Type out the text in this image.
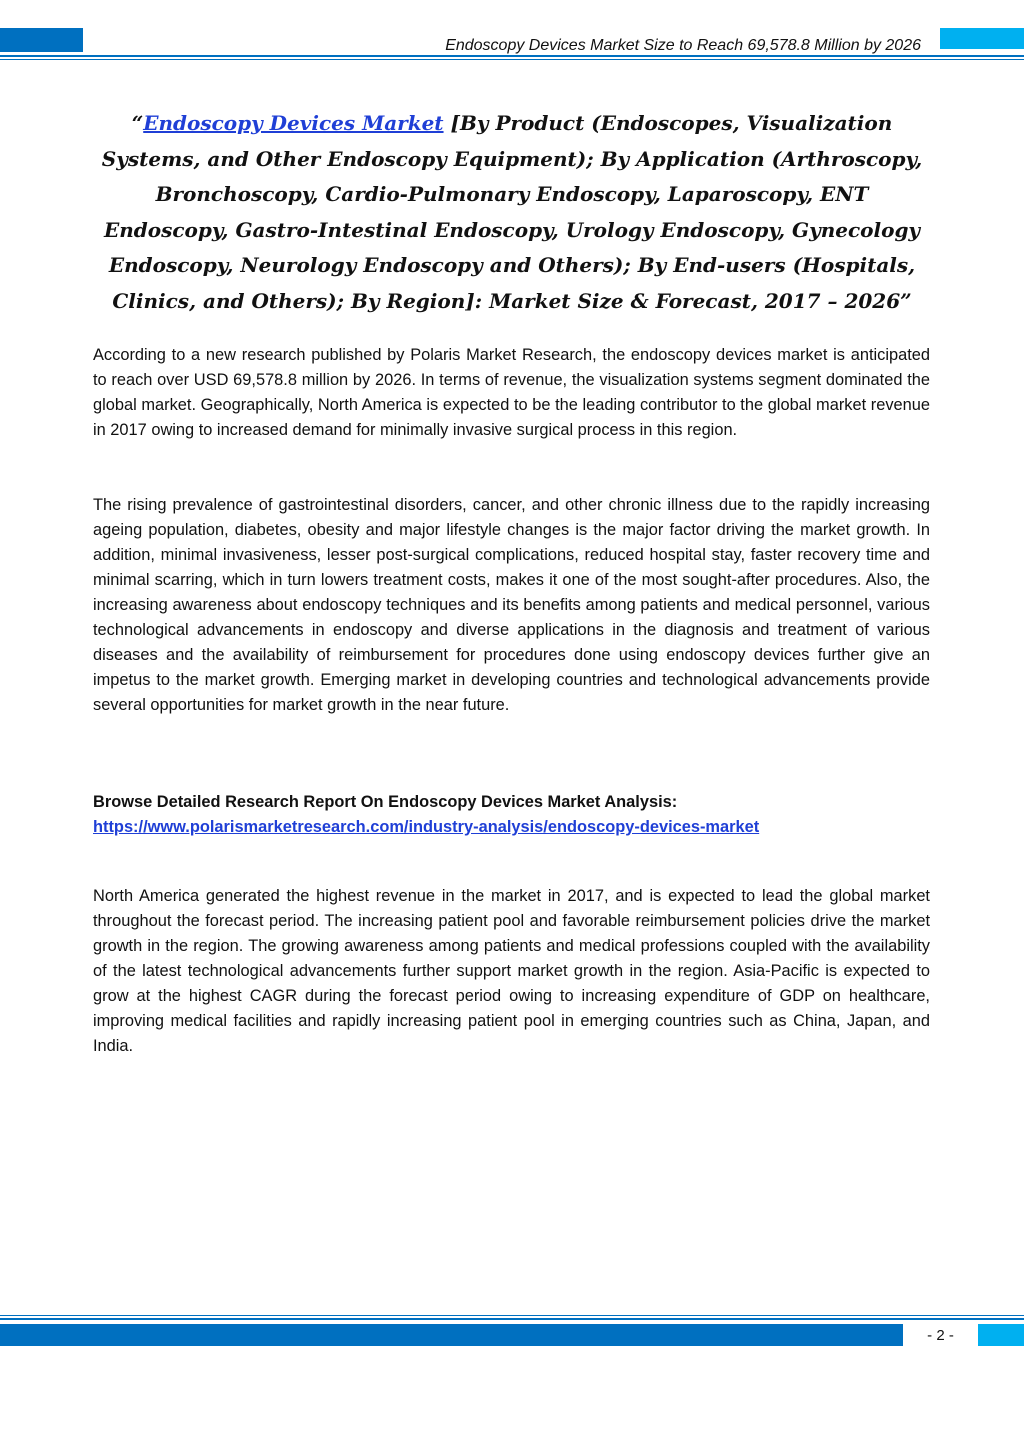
Endoscopy Devices Market Size to Reach 69,578.8 Million by 2026
“Endoscopy Devices Market [By Product (Endoscopes, Visualization Systems, and Other Endoscopy Equipment); By Application (Arthroscopy, Bronchoscopy, Cardio-Pulmonary Endoscopy, Laparoscopy, ENT Endoscopy, Gastro-Intestinal Endoscopy, Urology Endoscopy, Gynecology Endoscopy, Neurology Endoscopy and Others); By End-users (Hospitals, Clinics, and Others); By Region]: Market Size & Forecast, 2017 – 2026”

According to a new research published by Polaris Market Research, the endoscopy devices market is anticipated to reach over USD 69,578.8 million by 2026. In terms of revenue, the visualization systems segment dominated the global market. Geographically, North America is expected to be the leading contributor to the global market revenue in 2017 owing to increased demand for minimally invasive surgical process in this region.

The rising prevalence of gastrointestinal disorders, cancer, and other chronic illness due to the rapidly increasing ageing population, diabetes, obesity and major lifestyle changes is the major factor driving the market growth. In addition, minimal invasiveness, lesser post-surgical complications, reduced hospital stay, faster recovery time and minimal scarring, which in turn lowers treatment costs, makes it one of the most sought-after procedures. Also, the increasing awareness about endoscopy techniques and its benefits among patients and medical personnel, various technological advancements in endoscopy and diverse applications in the diagnosis and treatment of various diseases and the availability of reimbursement for procedures done using endoscopy devices further give an impetus to the market growth. Emerging market in developing countries and technological advancements provide several opportunities for market growth in the near future.

Browse Detailed Research Report On Endoscopy Devices Market Analysis:
https://www.polarismarketresearch.com/industry-analysis/endoscopy-devices-market

North America generated the highest revenue in the market in 2017, and is expected to lead the global market throughout the forecast period. The increasing patient pool and favorable reimbursement policies drive the market growth in the region. The growing awareness among patients and medical professions coupled with the availability of the latest technological advancements further support market growth in the region. Asia-Pacific is expected to grow at the highest CAGR during the forecast period owing to increasing expenditure of GDP on healthcare, improving medical facilities and rapidly increasing patient pool in emerging countries such as China, Japan, and India.

- 2 -
